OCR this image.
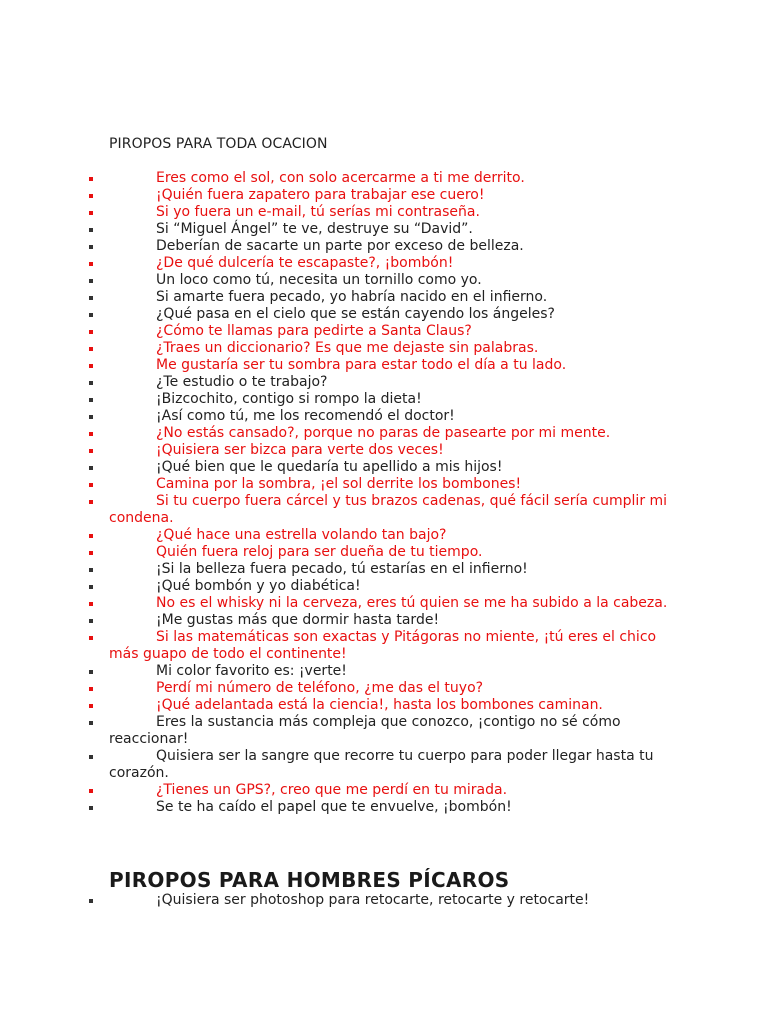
PIROPOS PARA TODA OCACION
Eres como el sol, con solo acercarme a ti me derrito.
¡Quién fuera zapatero para trabajar ese cuero!
Si yo fuera un e-mail, tú serías mi contraseña.
Si “Miguel Ángel” te ve, destruye su “David”.
Deberían de sacarte un parte por exceso de belleza.
¿De qué dulcería te escapaste?, ¡bombón!
Un loco como tú, necesita un tornillo como yo.
Si amarte fuera pecado, yo habría nacido en el infierno.
¿Qué pasa en el cielo que se están cayendo los ángeles?
¿Cómo te llamas para pedirte a Santa Claus?
¿Traes un diccionario? Es que me dejaste sin palabras.
Me gustaría ser tu sombra para estar todo el día a tu lado.
¿Te estudio o te trabajo?
¡Bizcochito, contigo si rompo la dieta!
¡Así como tú, me los recomendó el doctor!
¿No estás cansado?, porque no paras de pasearte por mi mente.
¡Quisiera ser bizca para verte dos veces!
¡Qué bien que le quedaría tu apellido a mis hijos!
Camina por la sombra, ¡el sol derrite los bombones!
Si tu cuerpo fuera cárcel y tus brazos cadenas, qué fácil sería cumplir mi condena.
¿Qué hace una estrella volando tan bajo?
Quién fuera reloj para ser dueña de tu tiempo.
¡Si la belleza fuera pecado, tú estarías en el infierno!
¡Qué bombón y yo diabética!
No es el whisky ni la cerveza, eres tú quien se me ha subido a la cabeza.
¡Me gustas más que dormir hasta tarde!
Si las matemáticas son exactas y Pitágoras no miente, ¡tú eres el chico más guapo de todo el continente!
Mi color favorito es: ¡verte!
Perdí mi número de teléfono, ¿me das el tuyo?
¡Qué adelantada está la ciencia!, hasta los bombones caminan.
Eres la sustancia más compleja que conozco, ¡contigo no sé cómo reaccionar!
Quisiera ser la sangre que recorre tu cuerpo para poder llegar hasta tu corazón.
¿Tienes un GPS?, creo que me perdí en tu mirada.
Se te ha caído el papel que te envuelve, ¡bombón!
PIROPOS PARA HOMBRES PÍCAROS
¡Quisiera ser photoshop para retocarte, retocarte y retocarte!
